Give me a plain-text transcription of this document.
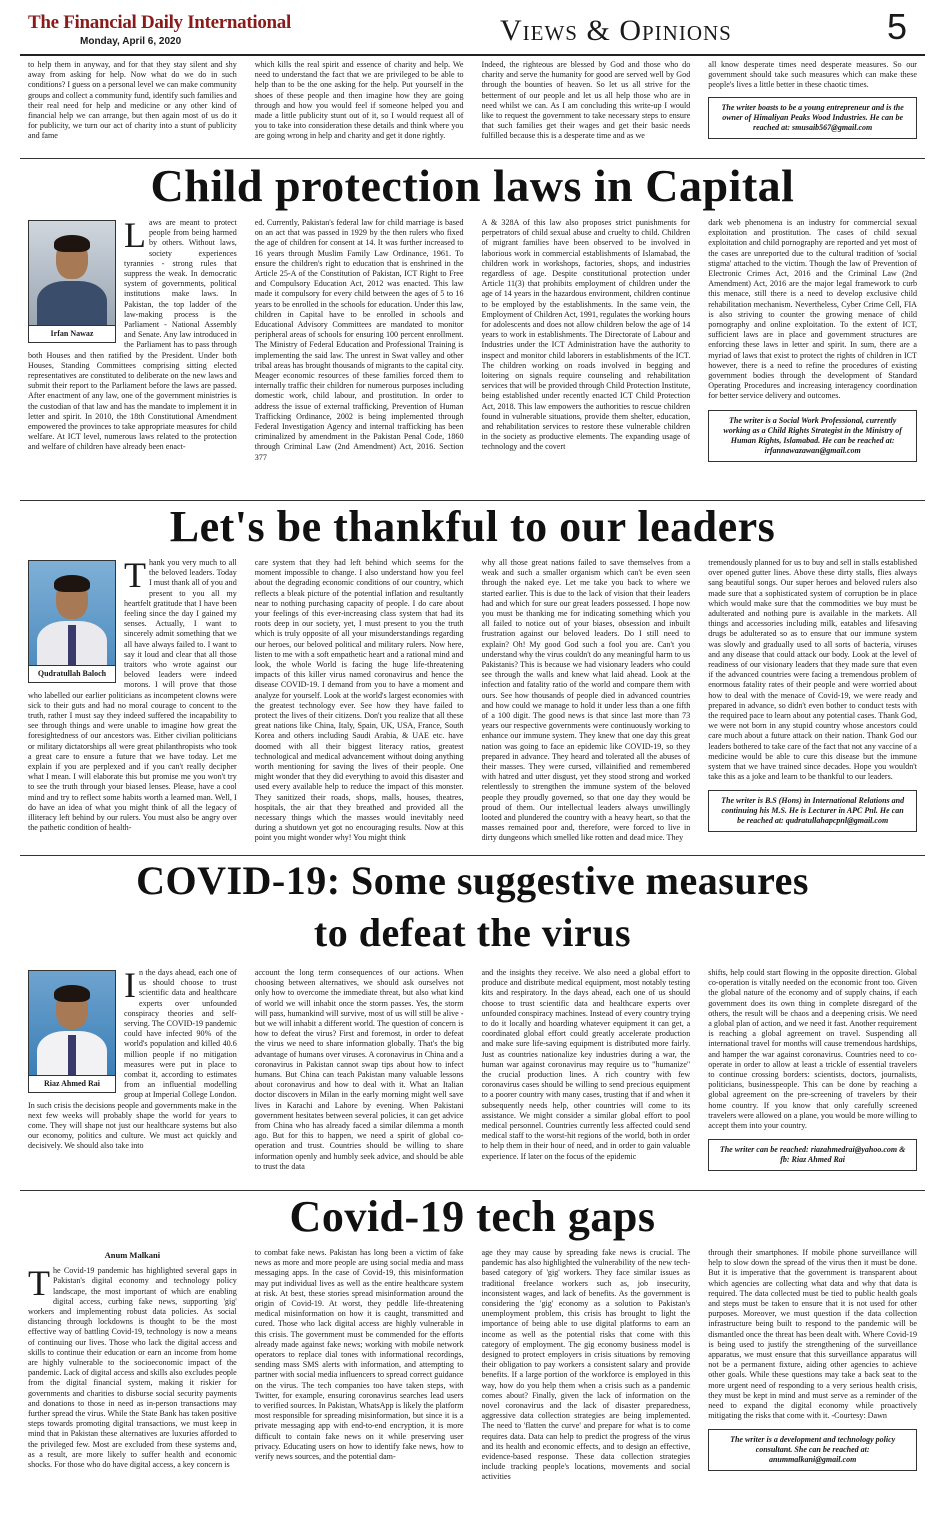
The Financial Daily International
Monday, April 6, 2020	Views & Opinions	5

to help them in anyway, and for that they stay silent and shy away from asking for help. Now what do we do in such conditions? I guess on a personal level we can make community groups and collect a community fund, identify such families and their real need for help and medicine or any other kind of financial help we can arrange, but then again most of us do it for publicity, we turn our act of charity into a stunt of publicity and fame

which kills the real spirit and essence of charity and help. We need to understand the fact that we are privileged to be able to help than to be the one asking for the help. Put yourself in the shoes of these people and then imagine how they are going through and how you would feel if someone helped you and made a little publicity stunt out of it, so I would request all of you to take into consideration these details and think where you are going wrong in help and charity and get it done rightly.

Indeed, the righteous are blessed by God and those who do charity and serve the humanity for good are served well by God through the bounties of heaven. So let us all strive for the betterment of our people and let us all help those who are in need whilst we can. As I am concluding this write-up I would like to request the government to take necessary steps to ensure that such families get their wages and get their basic needs fulfilled because this is a desperate time and as we

all know desperate times need desperate measures. So our government should take such measures which can make these people's lives a little better in these chaotic times.

The writer boasts to be a young entrepreneur and is the owner of Himaliyan Peaks Wood Industries. He can be reached at: smusaib567@gmail.com
Child protection laws in Capital
Irfan Nawaz
L aws are meant to protect people from being harmed by others. Without laws, society experiences tyrannies - strong rules that suppress the weak. In democratic system of governments, political institutions make laws. In Pakistan, the top ladder of the law-making process is the Parliament - National Assembly and Senate. Any law introduced in the Parliament has to pass through both Houses and then ratified by the President. Under both Houses, Standing Committees comprising sitting elected representatives are constituted to deliberate on the new laws and submit their report to the Parliament before the laws are passed. After enactment of any law, one of the government ministries is the custodian of that law and has the mandate to implement it in letter and spirit. In 2010, the 18th Constitutional Amendment empowered the provinces to take appropriate measures for child welfare. At ICT level, numerous laws related to the protection and welfare of children have already been enact-

ed. Currently, Pakistan's federal law for child marriage is based on an act that was passed in 1929 by the then rulers who fixed the age of children for consent at 14. It was further increased to 16 years through Muslim Family Law Ordinance, 1961. To ensure the children's right to education that is enshrined in the Article 25-A of the Constitution of Pakistan, ICT Right to Free and Compulsory Education Act, 2012 was enacted. This law made it compulsory for every child between the ages of 5 to 16 years to be enrolled in the schools for education. Under this law, children in Capital have to be enrolled in schools and Educational Advisory Committees are mandated to monitor peripheral areas of schools for ensuring 100 percent enrollment. The Ministry of Federal Education and Professional Training is implementing the said law. The unrest in Swat valley and other tribal areas has brought thousands of migrants to the capital city. Meager economic resources of these families forced them to internally traffic their children for numerous purposes including domestic work, child labour, and prostitution. In order to address the issue of external trafficking, Prevention of Human Trafficking Ordinance, 2002 is being implemented through Federal Investigation Agency and internal trafficking has been criminalized by amendment in the Pakistan Penal Code, 1860 through Criminal Law (2nd Amendment) Act, 2016. Section 377

A & 328A of this law also proposes strict punishments for perpetrators of child sexual abuse and cruelty to child. Children of migrant families have been observed to be involved in laborious work in commercial establishments of Islamabad, the children work in workshops, factories, shops, and industries regardless of age. Despite constitutional protection under Article 11(3) that prohibits employment of children under the age of 14 years in the hazardous environment, children continue to be employed by the establishments. In the same vein, the Employment of Children Act, 1991, regulates the working hours for adolescents and does not allow children below the age of 14 years to work in establishments. The Directorate of Labour and Industries under the ICT Administration have the authority to inspect and monitor child laborers in establishments of the ICT. The children working on roads involved in begging and loitering on signals require counseling and rehabilitation services that will be provided through Child Protection Institute, being established under recently enacted ICT Child Protection Act, 2018. This law empowers the authorities to rescue children found in vulnerable situations, provide them shelter, education, and rehabilitation services to restore these vulnerable children in the society as productive elements. The expanding usage of technology and the covert

dark web phenomena is an industry for commercial sexual exploitation and prostitution. The cases of child sexual exploitation and child pornography are reported and yet most of the cases are unreported due to the cultural tradition of 'social stigma' attached to the victim. Though the law of Prevention of Electronic Crimes Act, 2016 and the Criminal Law (2nd Amendment) Act, 2016 are the major legal framework to curb this menace, still there is a need to develop exclusive child rehabilitation mechanism. Nevertheless, Cyber Crime Cell, FIA is also striving to counter the growing menace of child pornography and online exploitation. To the extent of ICT, sufficient laws are in place and government structures are enforcing these laws in letter and spirit. In sum, there are a myriad of laws that exist to protect the rights of children in ICT however, there is a need to refine the procedures of existing government bodies through the development of Standard Operating Procedures and increasing interagency coordination for better service delivery and outcomes.

The writer is a Social Work Professional, currently working as a Child Rights Strategist in the Ministry of Human Rights, Islamabad. He can be reached at: irfannawazawan@gmail.com
Let's be thankful to our leaders
Qudratullah Baloch
T hank you very much to all the beloved leaders. Today I must thank all of you and present to you all my heartfelt gratitude that I have been feeling since the day I gained my senses. Actually, I want to sincerely admit something that we all have always failed to. I want to say it loud and clear that all those traitors who wrote against our beloved leaders were indeed morons. I will prove that those who labelled our earlier politicians as incompetent clowns were sick to their guts and had no moral courage to concent to the truth, rather I must say they indeed suffered the incapability to see through things and were unable to imagine how great the foresightedness of our ancestors was. Either civilian politicians or military dictatorships all were great philanthropists who took a great care to ensure a future that we have today. Let me explain if you are perplexed and if you can't really decipher what I mean. I will elaborate this but promise me you won't try to see the truth through your biased lenses. Please, have a cool mind and try to reflect some habits worth a learned man. Well, I do have an idea of what you might think of all the legacy of illiteracy left behind by our rulers. You must also be angry over the pathetic condition of health-

care system that they had left behind which seems for the moment impossible to change. I also understand how you feel about the degrading economic conditions of our country, which reflects a bleak picture of the potential inflation and resultantly near to nothing purchasing capacity of people. I do care about your feelings of this ever-increasing class system that had its roots deep in our society, yet, I must present to you the truth which is truly opposite of all your misunderstandings regarding our heroes, our beloved political and military rulers. Now here, listen to me with a soft empathetic heart and a rational mind and look, the whole World is facing the huge life-threatening impacts of this killer virus named coronavirus and hence the disease COVID-19. I demand from you to have a moment and analyze for yourself. Look at the world's largest economies with the greatest technology ever. See how they have failed to protect the lives of their citizens. Don't you realize that all these great nations like China, Italy, Spain, UK, USA, France, South Korea and others including Saudi Arabia, & UAE etc. have doomed with all their biggest literacy ratios, greatest technological and medical advancement without doing anything worth mentioning for saving the lives of their people. One might wonder that they did everything to avoid this disaster and used every available help to reduce the impact of this monster. They sanitized their roads, shops, malls, houses, theatres, hospitals, the air that they breathed and provided all the necessary things which the masses would inevitably need during a shutdown yet got no encouraging results. Now at this point you might wonder why! You might think

why all those great nations failed to save themselves from a weak and such a smaller organism which can't be even seen through the naked eye. Let me take you back to where we started earlier. This is due to the lack of vision that their leaders had and which for sure our great leaders possessed. I hope now you must be thanking me for indicating something which you all failed to notice out of your biases, obsession and inbuilt frustration against our beloved leaders. Do I still need to explain? Oh! My good God such a fool you are. Can't you understand why the virus couldn't do any meaningful harm to us Pakistanis? This is because we had visionary leaders who could see through the walls and knew what laid ahead. Look at the infection and fatality ratio of the world and compare them with ours. See how thousands of people died in advanced countries and how could we manage to hold it under less than a one fifth of a 100 digit. The good news is that since last more than 73 years our respective governments were continuously working to enhance our immune system. They knew that one day this great nation was going to face an epidemic like COVID-19, so they prepared in advance. They heard and tolerated all the abuses of their masses. They were cursed, villainified and remembered with hatred and utter disgust, yet they stood strong and worked relentlessly to strengthen the immune system of the beloved people they proudly governed, so that one day they would be proud of them. Our intellectual leaders always unwillingly looted and plundered the country with a heavy heart, so that the masses remained poor and, therefore, were forced to live in dirty dungeons which smelled like rotten and dead mice. They

tremendously planned for us to buy and sell in stalls established over opened gutter lines. Above these dirty stalls, flies always sang beautiful songs. Our super heroes and beloved rulers also made sure that a sophisticated system of corruption be in place which would make sure that the commodities we buy must be adulterated and nothing pure is available in the markets. All things and accessories including milk, eatables and lifesaving drugs be adulterated so as to ensure that our immune system was slowly and gradually used to all sorts of bacteria, viruses and any disease that could attack our body. Look at the level of readiness of our visionary leaders that they made sure that even if the advanced countries were facing a tremendous problem of enormous fatality rates of their people and were worried about how to deal with the menace of Covid-19, we were ready and prepared in advance, so didn't even bother to conduct tests with the required pace to learn about any potential cases. Thank God, we were not born in any stupid country whose ancestors could care much about a future attack on their nation. Thank God our leaders bothered to take care of the fact that not any vaccine of a medicine would be able to cure this disease but the immune system that we have trained since decades. Hope you wouldn't take this as a joke and learn to be thankful to our leaders.

The writer is B.S (Hons) in International Relations and continuing his M.S. He is Lecturer in APC Pnl. He can be reached at: qudratullahapcpnl@gmail.com
COVID-19: Some suggestive measures
to defeat the virus
Riaz Ahmed Rai
I n the days ahead, each one of us should choose to trust scientific data and healthcare experts over unfounded conspiracy theories and self-serving. The COVID-19 pandemic could have infected 90% of the world's population and killed 40.6 million people if no mitigation measures were put in place to combat it, according to estimates from an influential modelling group at Imperial College London. In such crisis the decisions people and governments make in the next few weeks will probably shape the world for years to come. They will shape not just our healthcare systems but also our economy, politics and culture. We must act quickly and decisively. We should also take into

account the long term consequences of our actions. When choosing between alternatives, we should ask ourselves not only how to overcome the immediate threat, but also what kind of world we will inhabit once the storm passes. Yes, the storm will pass, humankind will survive, most of us will still be alive - but we will inhabit a different world. The question of concern is how to defeat the virus? First and foremost, in order to defeat the virus we need to share information globally. That's the big advantage of humans over viruses. A coronavirus in China and a coronavirus in Pakistan cannot swap tips about how to infect humans. But China can teach Pakistan many valuable lessons about coronavirus and how to deal with it. What an Italian doctor discovers in Milan in the early morning might well save lives in Karachi and Lahore by evening. When Pakistani government hesitates between several policies, it can get advice from China who has already faced a similar dilemma a month ago. But for this to happen, we need a spirit of global co-operation and trust. Countries should be willing to share information openly and humbly seek advice, and should be able to trust the data

and the insights they receive. We also need a global effort to produce and distribute medical equipment, most notably testing kits and respiratory. In the days ahead, each one of us should choose to trust scientific data and healthcare experts over unfounded conspiracy machines. Instead of every country trying to do it locally and hoarding whatever equipment it can get, a coordinated global effort could greatly accelerate production and make sure life-saving equipment is distributed more fairly. Just as countries nationalize key industries during a war, the human war against coronavirus may require us to "humanize" the crucial production lines. A rich country with few coronavirus cases should be willing to send precious equipment to a poorer country with many cases, trusting that if and when it subsequently needs help, other countries will come to its assistance. We might consider a similar global effort to pool medical personnel. Countries currently less affected could send medical staff to the worst-hit regions of the world, both in order to help them in their hour of need, and in order to gain valuable experience. If later on the focus of the epidemic

shifts, help could start flowing in the opposite direction. Global co-operation is vitally needed on the economic front too. Given the global nature of the economy and of supply chains, if each government does its own thing in complete disregard of the others, the result will be chaos and a deepening crisis. We need a global plan of action, and we need it fast. Another requirement is reaching a global agreement on travel. Suspending all international travel for months will cause tremendous hardships, and hamper the war against coronavirus. Countries need to co-operate in order to allow at least a trickle of essential travelers to continue crossing borders: scientists, doctors, journalists, politicians, businesspeople. This can be done by reaching a global agreement on the pre-screening of travelers by their home country. If you know that only carefully screened travelers were allowed on a plane, you would be more willing to accept them into your country.

The writer can be reached: riazahmedrai@yahoo.com & fb: Riaz Ahmed Rai
Covid-19 tech gaps
Anum Malkani
T he Covid-19 pandemic has highlighted several gaps in Pakistan's digital economy and technology policy landscape, the most important of which are enabling digital access, curbing fake news, supporting 'gig' workers and implementing robust data policies. As social distancing through lockdowns is thought to be the most effective way of battling Covid-19, technology is now a means of continuing our lives. Those who lack the digital access and skills to continue their education or earn an income from home are highly vulnerable to the socioeconomic impact of the pandemic. Lack of digital access and skills also excludes people from the digital financial system, making it riskier for governments and charities to disburse social security payments and donations to those in need as in-person transactions may further spread the virus. While the State Bank has taken positive steps towards promoting digital transactions, we must keep in mind that in Pakistan these alternatives are luxuries afforded to the privileged few. Most are excluded from these systems and, as a result, are more likely to suffer health and economic shocks. For those who do have digital access, a key concern is

to combat fake news. Pakistan has long been a victim of fake news as more and more people are using social media and mass messaging apps. In the case of Covid-19, this misinformation may put individual lives as well as the entire healthcare system at risk. At best, these stories spread misinformation around the origin of Covid-19. At worst, they peddle life-threatening medical misinformation on how it is caught, transmitted and cured. Those who lack digital access are highly vulnerable in this crisis. The government must be commended for the efforts already made against fake news; working with mobile network operators to replace dial tones with informational recordings, sending mass SMS alerts with information, and attempting to partner with social media influencers to spread correct guidance on the virus. The tech companies too have taken steps, with Twitter, for example, ensuring coronavirus searches lead users to verified sources. In Pakistan, WhatsApp is likely the platform most responsible for spreading misinformation, but since it is a private messaging app with end-to-end encryption, it is more difficult to contain fake news on it while preserving user privacy. Educating users on how to identify fake news, how to verify news sources, and the potential dam-

age they may cause by spreading fake news is crucial. The pandemic has also highlighted the vulnerability of the new tech-based category of 'gig' workers. They face similar issues as traditional freelance workers such as, job insecurity, inconsistent wages, and lack of benefits. As the government is considering the 'gig' economy as a solution to Pakistan's unemployment problem, this crisis has brought to light the importance of being able to use digital platforms to earn an income as well as the potential risks that come with this category of employment. The gig economy business model is designed to protect employers in crisis situations by removing their obligation to pay workers a consistent salary and provide benefits. If a large portion of the workforce is employed in this way, how do you help them when a crisis such as a pandemic comes about? Finally, given the lack of information on the novel coronavirus and the lack of disaster preparedness, aggressive data collection strategies are being implemented. The need to 'flatten the curve' and prepare for what is to come requires data. Data can help to predict the progress of the virus and its health and economic effects, and to design an effective, evidence-based response. These data collection strategies include tracking people's locations, movements and social activities

through their smartphones. If mobile phone surveillance will help to slow down the spread of the virus then it must be done. But it is imperative that the government is transparent about which agencies are collecting what data and why that data is required. The data collected must be tied to public health goals and steps must be taken to ensure that it is not used for other purposes. Moreover, we must question if the data collection infrastructure being built to respond to the pandemic will be dismantled once the threat has been dealt with. Where Covid-19 is being used to justify the strengthening of the surveillance apparatus, we must ensure that this surveillance apparatus will not be a permanent fixture, aiding other agencies to achieve other goals. While these questions may take a back seat to the more urgent need of responding to a very serious health crisis, they must be kept in mind and must serve as a reminder of the need to expand the digital economy while proactively mitigating the risks that come with it. -Courtesy: Dawn

The writer is a development and technology policy consultant. She can be reached at: anummalkani@gmail.com
